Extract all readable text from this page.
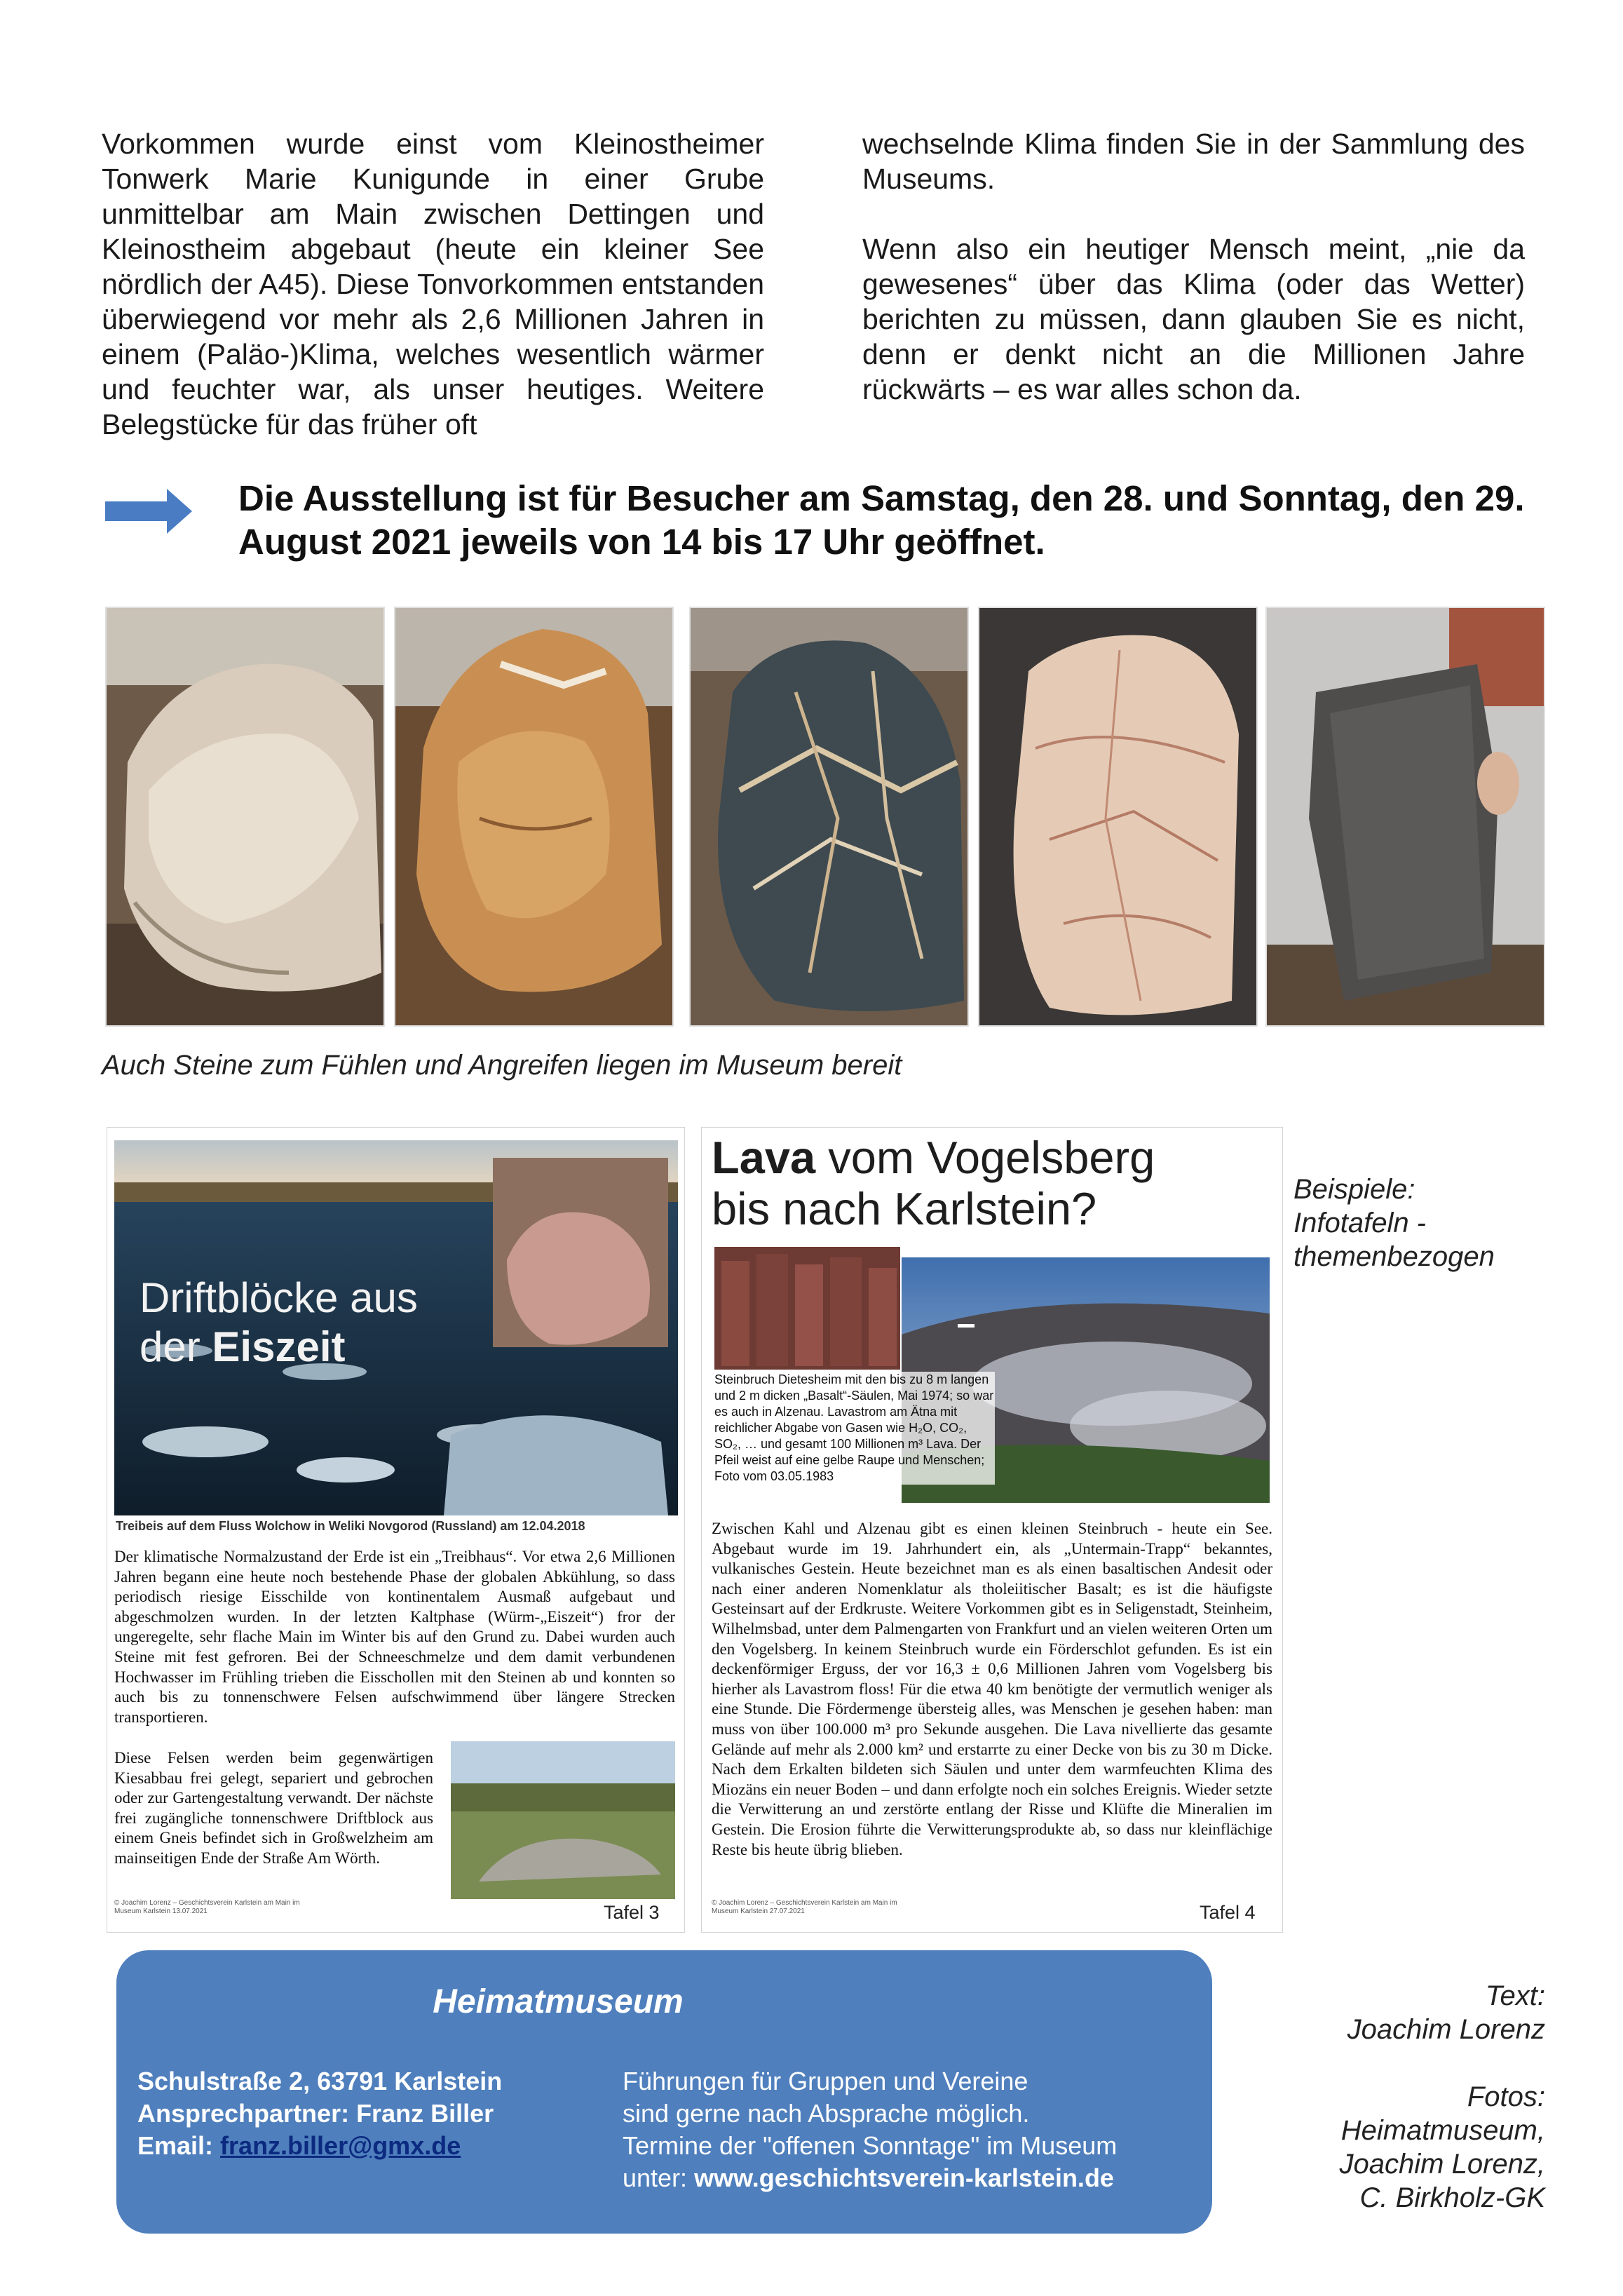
Vorkommen wurde einst vom Kleinostheimer Tonwerk Marie Kunigunde in einer Grube unmittelbar am Main zwischen Dettingen und Kleinostheim abgebaut (heute ein kleiner See nördlich der A45). Diese Tonvorkommen entstanden überwiegend vor mehr als 2,6 Millionen Jahren in einem (Paläo-)Klima, welches wesentlich wärmer und feuchter war, als unser heutiges. Weitere Belegstücke für das früher oft

wechselnde Klima finden Sie in der Sammlung des Museums.

Wenn also ein heutiger Mensch meint, „nie da gewesenes“ über das Klima (oder das Wetter) berichten zu müssen, dann glauben Sie es nicht, denn er denkt nicht an die Millionen Jahre rückwärts – es war alles schon da.

Die Ausstellung ist für Besucher am Samstag, den 28. und Sonntag, den 29. August 2021 jeweils von 14 bis 17 Uhr geöffnet.
Auch Steine zum Fühlen und Angreifen liegen im Museum bereit
Driftblöcke aus
der Eiszeit
Treibeis auf dem Fluss Wolchow in Weliki Novgorod (Russland) am 12.04.2018
Der klimatische Normalzustand der Erde ist ein „Treibhaus“. Vor etwa 2,6 Millionen Jahren begann eine heute noch bestehende Phase der globalen Abkühlung, so dass periodisch riesige Eisschilde von kontinentalem Ausmaß aufgebaut und abgeschmolzen wurden. In der letzten Kaltphase (Würm-„Eiszeit“) fror der ungeregelte, sehr flache Main im Winter bis auf den Grund zu. Dabei wurden auch Steine mit fest gefroren. Bei der Schneeschmelze und dem damit verbundenen Hochwasser im Frühling trieben die Eisschollen mit den Steinen ab und konnten so auch bis zu tonnenschwere Felsen aufschwimmend über längere Strecken transportieren.
Diese Felsen werden beim gegenwärtigen Kiesabbau frei gelegt, separiert und gebrochen oder zur Gartengestaltung verwandt. Der nächste frei zugängliche tonnenschwere Driftblock aus einem Gneis befindet sich in Großwelzheim am mainseitigen Ende der Straße Am Wörth.
© Joachim Lorenz – Geschichtsverein Karlstein am Main im Museum Karlstein 13.07.2021	Tafel 3
Lava vom Vogelsberg
bis nach Karlstein?
Steinbruch Dietesheim mit den bis zu 8 m langen und 2 m dicken „Basalt“-Säulen, Mai 1974; so war es auch in Alzenau. Lavastrom am Ätna mit reichlicher Abgabe von Gasen wie H₂O, CO₂, SO₂, … und gesamt 100 Millionen m³ Lava. Der Pfeil weist auf eine gelbe Raupe und Menschen; Foto vom 03.05.1983
Zwischen Kahl und Alzenau gibt es einen kleinen Steinbruch - heute ein See. Abgebaut wurde im 19. Jahrhundert ein, als „Untermain-Trapp“ bekanntes, vulkanisches Gestein. Heute bezeichnet man es als einen basaltischen Andesit oder nach einer anderen Nomenklatur als tholeiitischer Basalt; es ist die häufigste Gesteinsart auf der Erdkruste. Weitere Vorkommen gibt es in Seligenstadt, Steinheim, Wilhelmsbad, unter dem Palmengarten von Frankfurt und an vielen weiteren Orten um den Vogelsberg. In keinem Steinbruch wurde ein Förderschlot gefunden. Es ist ein deckenförmiger Erguss, der vor 16,3 ± 0,6 Millionen Jahren vom Vogelsberg bis hierher als Lavastrom floss! Für die etwa 40 km benötigte der vermutlich weniger als eine Stunde. Die Fördermenge übersteig alles, was Menschen je gesehen haben: man muss von über 100.000 m³ pro Sekunde ausgehen. Die Lava nivellierte das gesamte Gelände auf mehr als 2.000 km² und erstarrte zu einer Decke von bis zu 30 m Dicke. Nach dem Erkalten bildeten sich Säulen und unter dem warmfeuchten Klima des Miozäns ein neuer Boden – und dann erfolgte noch ein solches Ereignis. Wieder setzte die Verwitterung an und zerstörte entlang der Risse und Klüfte die Mineralien im Gestein. Die Erosion führte die Verwitterungsprodukte ab, so dass nur kleinflächige Reste bis heute übrig blieben.
© Joachim Lorenz – Geschichtsverein Karlstein am Main im Museum Karlstein 27.07.2021	Tafel 4
Beispiele:
Infotafeln -
themenbezogen
Heimatmuseum
Schulstraße 2, 63791 Karlstein
Ansprechpartner: Franz Biller
Email: franz.biller@gmx.de
Führungen für Gruppen und Vereine
sind gerne nach Absprache möglich.
Termine der "offenen Sonntage" im Museum
unter: www.geschichtsverein-karlstein.de
Text:
Joachim Lorenz
Fotos:
Heimatmuseum,
Joachim Lorenz,
C. Birkholz-GK
